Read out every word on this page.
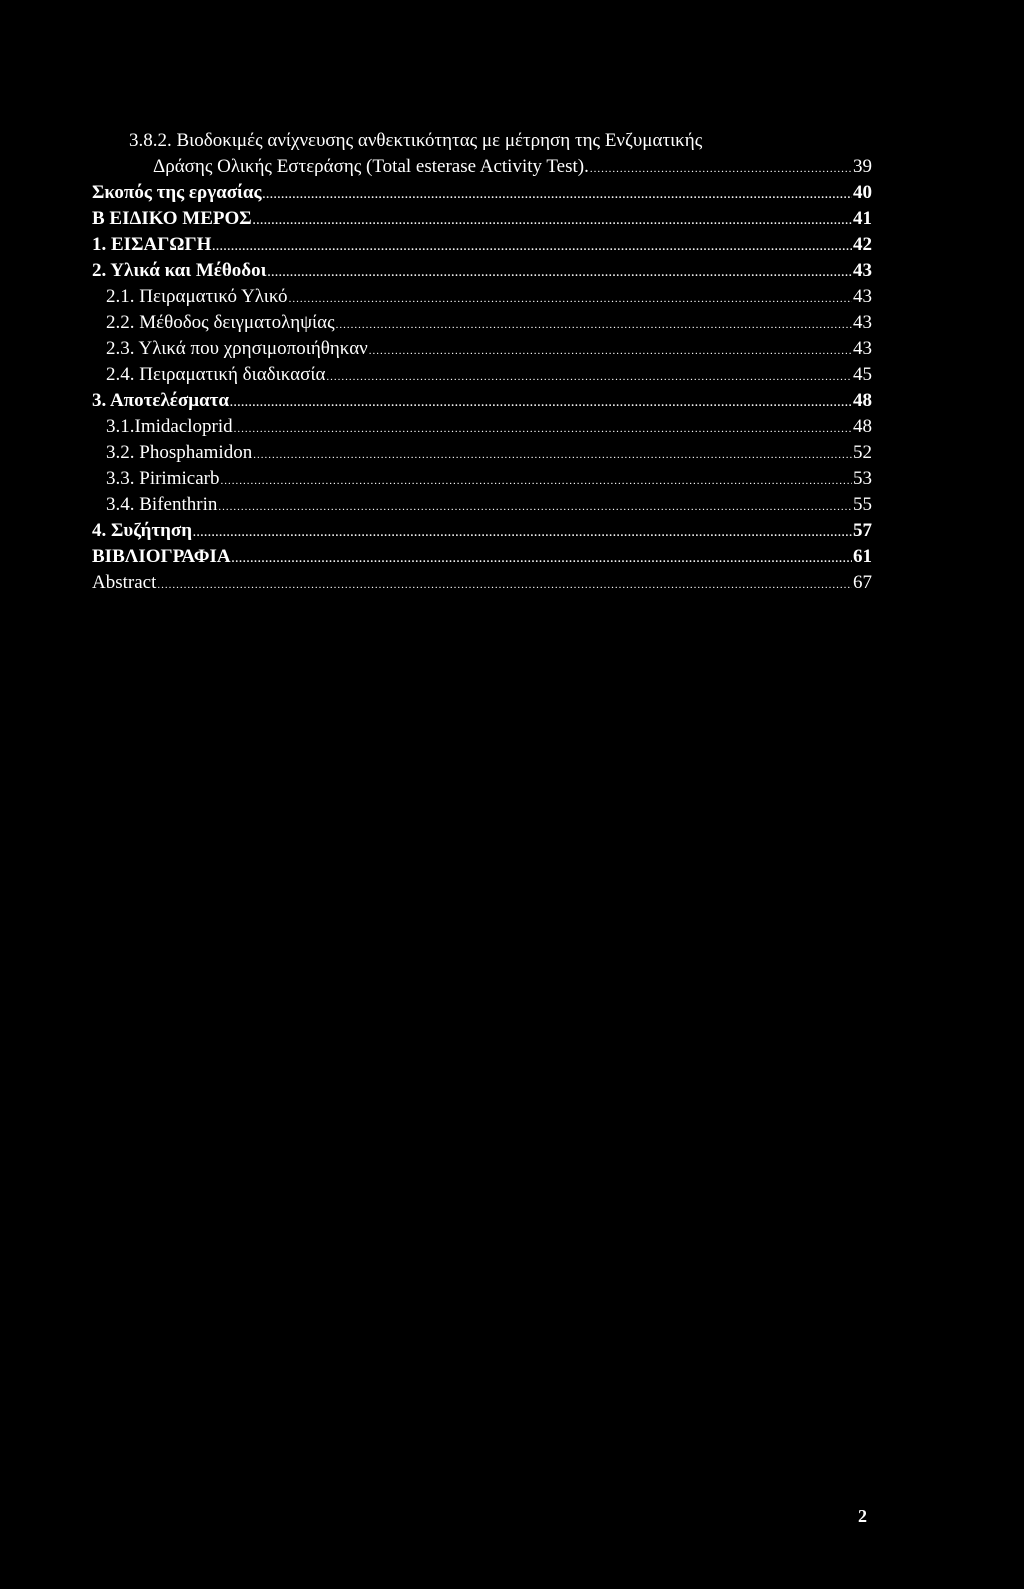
3.8.2. Βιοδοκιμές ανίχνευσης ανθεκτικότητας με μέτρηση της Ενζυματικής
Δράσης Ολικής Εστεράσης (Total esterase Activity Test). .....	39
Σκοπός της εργασίας .....	40
Β ΕΙΔΙΚΟ ΜΕΡΟΣ .....	41
1. ΕΙΣΑΓΩΓΗ .....	42
2. Υλικά και Μέθοδοι .....	43
2.1. Πειραματικό Υλικό .....	43
2.2. Μέθοδος δειγματοληψίας .....	43
2.3. Υλικά που χρησιμοποιήθηκαν .....	43
2.4. Πειραματική διαδικασία .....	45
3. Αποτελέσματα .....	48
3.1.Imidacloprid .....	48
3.2. Phosphamidon .....	52
3.3. Pirimicarb .....	53
3.4. Bifenthrin .....	55
4. Συζήτηση .....	57
ΒΙΒΛΙΟΓΡΑΦΙΑ .....	61
Abstract .....	67
2
